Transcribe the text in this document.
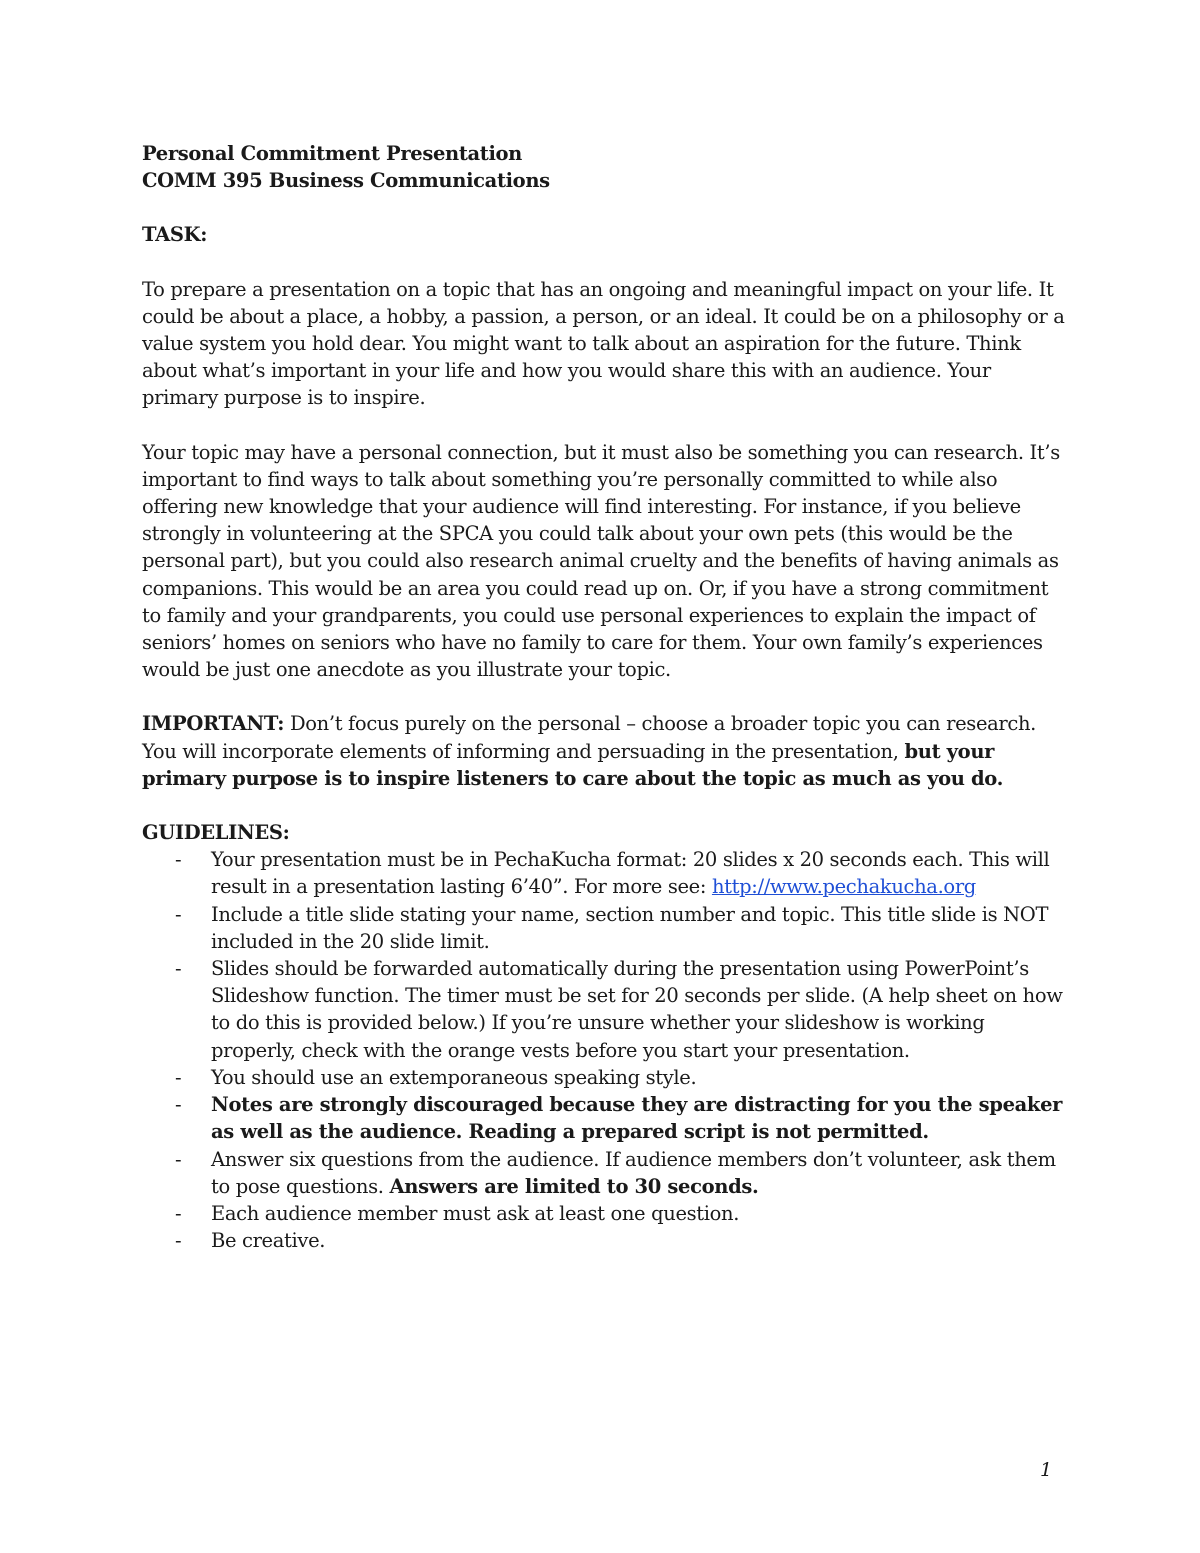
Personal Commitment Presentation

COMM 395 Business Communications

TASK:

To prepare a presentation on a topic that has an ongoing and meaningful impact on your life. It could be about a place, a hobby, a passion, a person, or an ideal. It could be on a philosophy or a value system you hold dear. You might want to talk about an aspiration for the future. Think about what’s important in your life and how you would share this with an audience. Your primary purpose is to inspire.

Your topic may have a personal connection, but it must also be something you can research. It’s important to find ways to talk about something you’re personally committed to while also offering new knowledge that your audience will find interesting. For instance, if you believe strongly in volunteering at the SPCA you could talk about your own pets (this would be the personal part), but you could also research animal cruelty and the benefits of having animals as companions. This would be an area you could read up on. Or, if you have a strong commitment to family and your grandparents, you could use personal experiences to explain the impact of seniors’ homes on seniors who have no family to care for them. Your own family’s experiences would be just one anecdote as you illustrate your topic.

IMPORTANT: Don’t focus purely on the personal – choose a broader topic you can research. You will incorporate elements of informing and persuading in the presentation, but your primary purpose is to inspire listeners to care about the topic as much as you do.

GUIDELINES:

- Your presentation must be in PechaKucha format: 20 slides x 20 seconds each. This will result in a presentation lasting 6’40”. For more see: http://www.pechakucha.org
- Include a title slide stating your name, section number and topic. This title slide is NOT included in the 20 slide limit.
- Slides should be forwarded automatically during the presentation using PowerPoint’s Slideshow function. The timer must be set for 20 seconds per slide. (A help sheet on how to do this is provided below.) If you’re unsure whether your slideshow is working properly, check with the orange vests before you start your presentation.
- You should use an extemporaneous speaking style.
- Notes are strongly discouraged because they are distracting for you the speaker as well as the audience. Reading a prepared script is not permitted.
- Answer six questions from the audience. If audience members don’t volunteer, ask them to pose questions. Answers are limited to 30 seconds.
- Each audience member must ask at least one question.
- Be creative.
1
